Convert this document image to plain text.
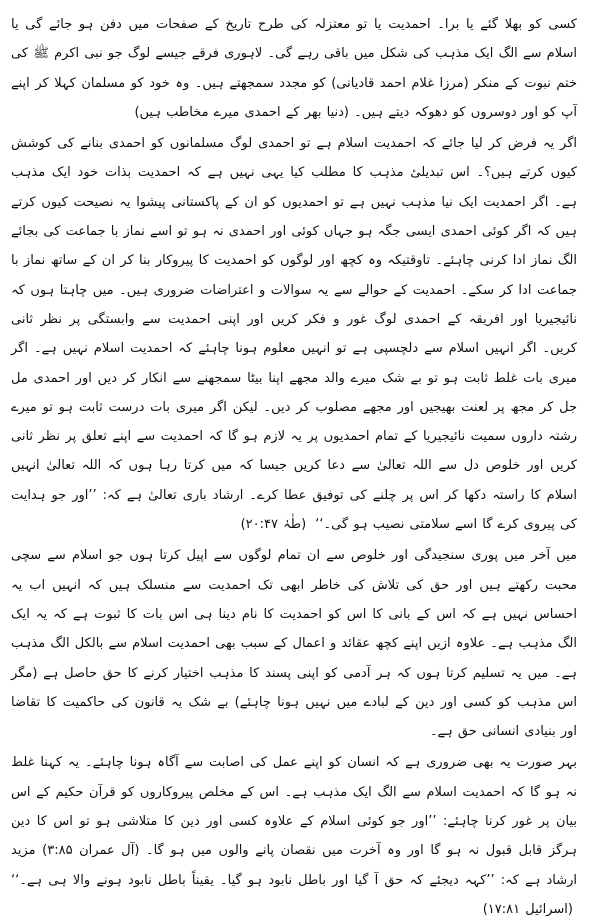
کسی کو بھلا گئے یا برا۔ احمدیت یا تو معتزلہ کی طرح تاریخ کے صفحات میں دفن ہو جائے گی یا اسلام سے الگ ایک مذہب کی شکل میں باقی رہے گی۔ لاہوری فرقے جیسے لوگ جو نبی اکرم ﷺ کی ختم نبوت کے منکر (مرزا غلام احمد قادیانی) کو مجدد سمجھتے ہیں۔ وہ خود کو مسلمان کہلا کر اپنے آپ کو اور دوسروں کو دھوکہ دیتے ہیں۔ (دنیا بھر کے احمدی میرے مخاطب ہیں)

اگر یہ فرض کر لیا جائے کہ احمدیت اسلام ہے تو احمدی لوگ مسلمانوں کو احمدی بنانے کی کوشش کیوں کرتے ہیں؟۔ اس تبدیلیٔ مذہب کا مطلب کیا یہی نہیں ہے کہ احمدیت بذات خود ایک مذہب ہے۔ اگر احمدیت ایک نیا مذہب نہیں ہے تو احمدیوں کو ان کے پاکستانی پیشوا یہ نصیحت کیوں کرتے ہیں کہ اگر کوئی احمدی ایسی جگہ ہو جہاں کوئی اور احمدی نہ ہو تو اسے نماز با جماعت کی بجائے الگ نماز ادا کرنی چاہئے۔ تاوقتیکہ وہ کچھ اور لوگوں کو احمدیت کا پیروکار بنا کر ان کے ساتھ نماز با جماعت ادا کر سکے۔ احمدیت کے حوالے سے یہ سوالات و اعتراضات ضروری ہیں۔ میں چاہتا ہوں کہ نائیجیریا اور افریقہ کے احمدی لوگ غور و فکر کریں اور اپنی احمدیت سے وابستگی پر نظر ثانی کریں۔ اگر انہیں اسلام سے دلچسپی ہے تو انہیں معلوم ہونا چاہئے کہ احمدیت اسلام نہیں ہے۔ اگر میری بات غلط ثابت ہو تو بے شک میرے والد مجھے اپنا بیٹا سمجھنے سے انکار کر دیں اور احمدی مل جل کر مجھ پر لعنت بھیجیں اور مجھے مصلوب کر دیں۔ لیکن اگر میری بات درست ثابت ہو تو میرے رشتہ داروں سمیت نائیجیریا کے تمام احمدیوں پر یہ لازم ہو گا کہ احمدیت سے اپنے تعلق پر نظر ثانی کریں اور خلوص دل سے اللہ تعالیٰ سے دعا کریں جیسا کہ میں کرتا رہا ہوں کہ اللہ تعالیٰ انہیں اسلام کا راستہ دکھا کر اس پر چلنے کی توفیق عطا کرے۔ ارشاد باری تعالیٰ ہے کہ: ’’اور جو ہدایت کی پیروی کرے گا اسے سلامتی نصیب ہو گی۔‘‘ (طٰہٰ ۲۰:۴۷)

میں آخر میں پوری سنجیدگی اور خلوص سے ان تمام لوگوں سے اپیل کرتا ہوں جو اسلام سے سچی محبت رکھتے ہیں اور حق کی تلاش کی خاطر ابھی تک احمدیت سے منسلک ہیں کہ انہیں اب یہ احساس نہیں ہے کہ اس کے بانی کا اس کو احمدیت کا نام دینا ہی اس بات کا ثبوت ہے کہ یہ ایک الگ مذہب ہے۔ علاوہ ازیں اپنے کچھ عقائد و اعمال کے سبب بھی احمدیت اسلام سے بالکل الگ مذہب ہے۔ میں یہ تسلیم کرتا ہوں کہ ہر آدمی کو اپنی پسند کا مذہب اختیار کرنے کا حق حاصل ہے (مگر اس مذہب کو کسی اور دین کے لبادے میں نہیں ہونا چاہئے) بے شک یہ قانون کی حاکمیت کا تقاضا اور بنیادی انسانی حق ہے۔

بہر صورت یہ بھی ضروری ہے کہ انسان کو اپنے عمل کی اصابت سے آگاہ ہونا چاہئے۔ یہ کہنا غلط نہ ہو گا کہ احمدیت اسلام سے الگ ایک مذہب ہے۔ اس کے مخلص پیروکاروں کو قرآن حکیم کے اس بیان پر غور کرنا چاہئے: ’’اور جو کوئی اسلام کے علاوہ کسی اور دین کا متلاشی ہو تو اس کا دین ہرگز قابل قبول نہ ہو گا اور وہ آخرت میں نقصان پانے والوں میں ہو گا۔ (آل عمران ۳:۸۵) مزید ارشاد ہے کہ: ’’کہہ دیجئے کہ حق آ گیا اور باطل نابود ہو گیا۔ یقیناً باطل نابود ہونے والا ہی ہے۔‘‘ (اسرائیل ۱۷:۸۱)
